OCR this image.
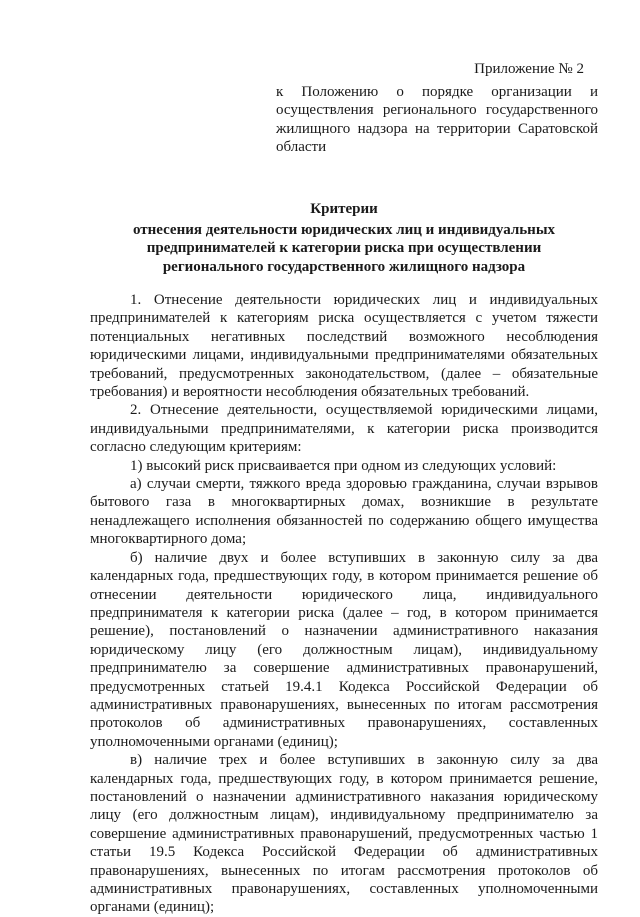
Приложение № 2
к Положению о порядке организации и осуществления регионального государственного жилищного надзора на территории Саратовской области
Критерии
отнесения деятельности юридических лиц и индивидуальных
предпринимателей к категории риска при осуществлении
регионального государственного жилищного надзора

1. Отнесение деятельности юридических лиц и индивидуальных предпринимателей к категориям риска осуществляется с учетом тяжести потенциальных негативных последствий возможного несоблюдения юридическими лицами, индивидуальными предпринимателями обязательных требований, предусмотренных законодательством, (далее – обязательные требования) и вероятности несоблюдения обязательных требований.

2. Отнесение деятельности, осуществляемой юридическими лицами, индивидуальными предпринимателями, к категории риска производится согласно следующим критериям:

1) высокий риск присваивается при одном из следующих условий:

а) случаи смерти, тяжкого вреда здоровью гражданина, случаи взрывов бытового газа в многоквартирных домах, возникшие в результате ненадлежащего исполнения обязанностей по содержанию общего имущества многоквартирного дома;

б) наличие двух и более вступивших в законную силу за два календарных года, предшествующих году, в котором принимается решение об отнесении деятельности юридического лица, индивидуального предпринимателя к категории риска (далее – год, в котором принимается решение), постановлений о назначении административного наказания юридическому лицу (его должностным лицам), индивидуальному предпринимателю за совершение административных правонарушений, предусмотренных статьей 19.4.1 Кодекса Российской Федерации об административных правонарушениях, вынесенных по итогам рассмотрения протоколов об административных правонарушениях, составленных уполномоченными органами (единиц);

в) наличие трех и более вступивших в законную силу за два календарных года, предшествующих году, в котором принимается решение, постановлений о назначении административного наказания юридическому лицу (его должностным лицам), индивидуальному предпринимателю за совершение административных правонарушений, предусмотренных частью 1 статьи 19.5 Кодекса Российской Федерации об административных правонарушениях, вынесенных по итогам рассмотрения протоколов об административных правонарушениях, составленных уполномоченными органами (единиц);
